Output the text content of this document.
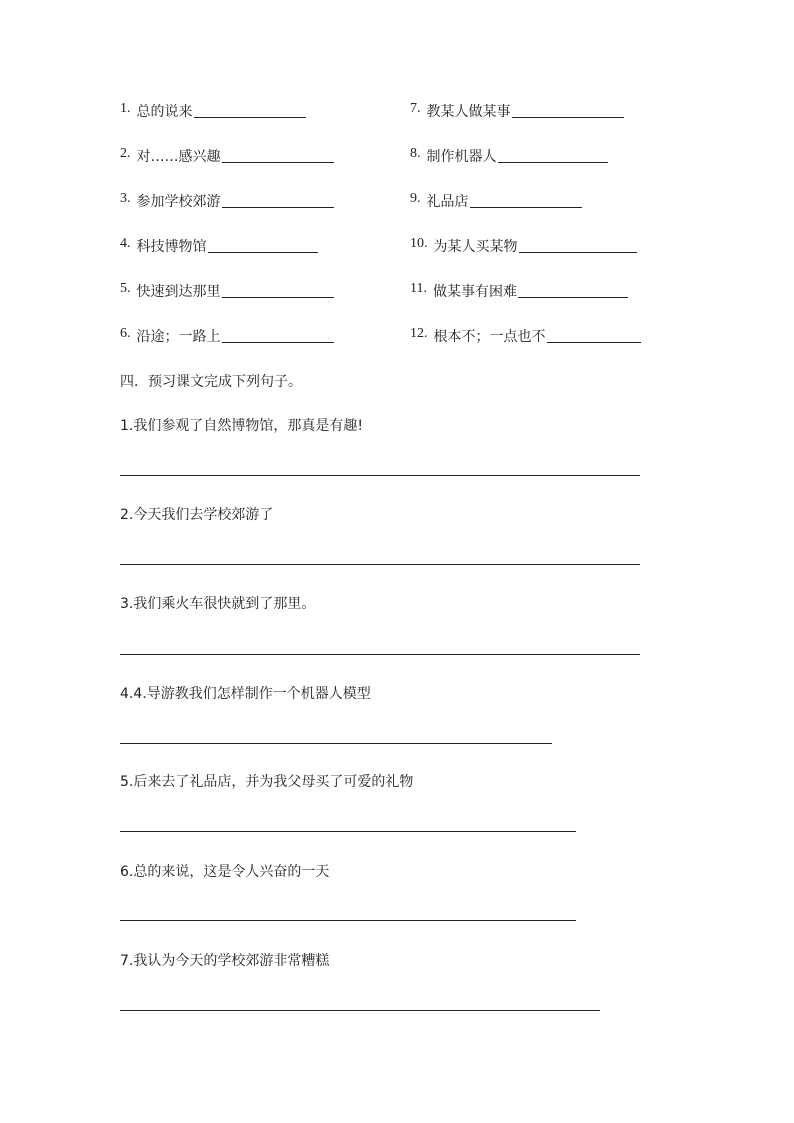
1. 总的说来
2. 对……感兴趣
3. 参加学校郊游
4. 科技博物馆
5. 快速到达那里
6. 沿途；一路上
7. 教某人做某事
8. 制作机器人
9. 礼品店
10. 为某人买某物
11. 做某事有困难
12. 根本不；一点也不
四．预习课文完成下列句子。
1.我们参观了自然博物馆，那真是有趣!
2.今天我们去学校郊游了
3.我们乘火车很快就到了那里。
4.4.导游教我们怎样制作一个机器人模型
5.后来去了礼品店，并为我父母买了可爱的礼物
6.总的来说，这是令人兴奋的一天
7.我认为今天的学校郊游非常糟糕
